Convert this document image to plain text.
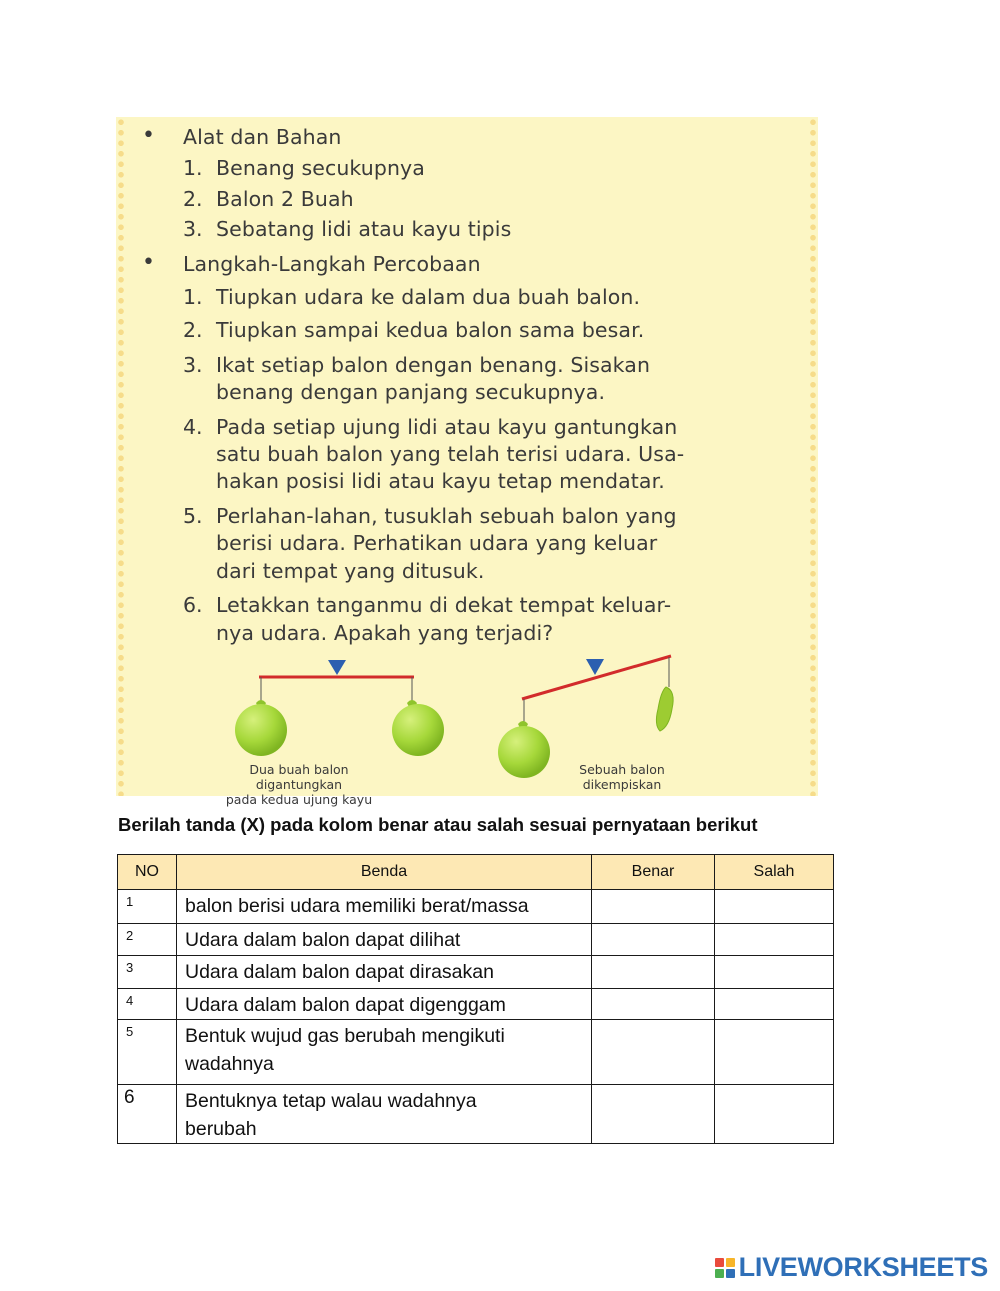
• Alat dan Bahan
1. Benang secukupnya
2. Balon 2 Buah
3. Sebatang lidi atau kayu tipis
• Langkah-Langkah Percobaan
1. Tiupkan udara ke dalam dua buah balon.
2. Tiupkan sampai kedua balon sama besar.
3. Ikat setiap balon dengan benang. Sisakan
benang dengan panjang secukupnya.
4. Pada setiap ujung lidi atau kayu gantungkan
satu buah balon yang telah terisi udara. Usa-
hakan posisi lidi atau kayu tetap mendatar.
5. Perlahan-lahan, tusuklah sebuah balon yang
berisi udara. Perhatikan udara yang keluar
dari tempat yang ditusuk.
6. Letakkan tanganmu di dekat tempat keluar-
nya udara. Apakah yang terjadi?
Dua buah balon digantungkan
pada kedua ujung kayu
Sebuah balon
dikempiskan
Berilah tanda (X) pada kolom benar atau salah sesuai pernyataan berikut
NO	Benda	Benar	Salah
1	balon berisi udara memiliki berat/massa		
2	Udara dalam balon dapat dilihat		
3	Udara dalam balon dapat dirasakan		
4	Udara dalam balon dapat digenggam		
5	Bentuk wujud gas berubah mengikuti wadahnya		
6	Bentuknya tetap walau wadahnya berubah		
LIVEWORKSHEETS
